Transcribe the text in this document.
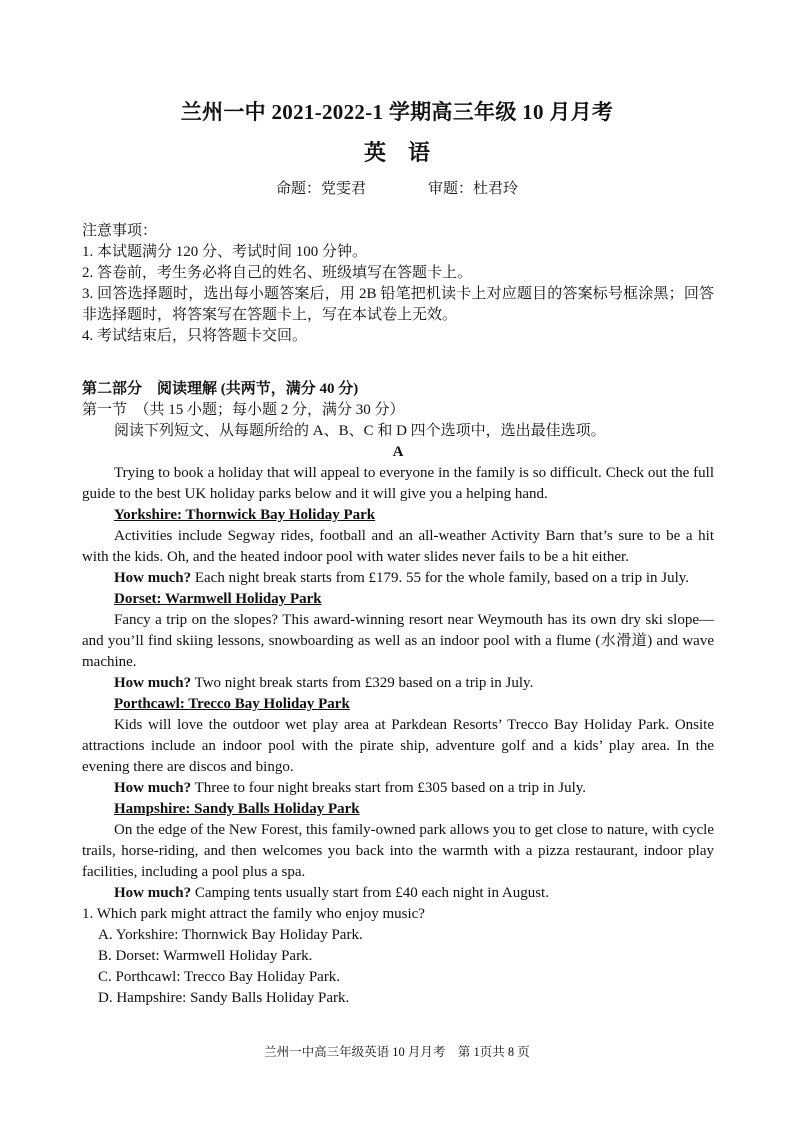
兰州一中 2021-2022-1 学期高三年级 10 月月考
英　语
命题：党雯君	审题：杜君玲
注意事项：
1. 本试题满分 120 分、考试时间 100 分钟。
2. 答卷前，考生务必将自己的姓名、班级填写在答题卡上。
3. 回答选择题时，选出每小题答案后，用 2B 铅笔把机读卡上对应题目的答案标号框涂黑；回答非选择题时，将答案写在答题卡上，写在本试卷上无效。
4. 考试结束后，只将答题卡交回。
第二部分　阅读理解 (共两节，满分 40 分)
第一节　（共 15 小题；每小题 2 分，满分 30 分）
阅读下列短文、从每题所给的 A、B、C 和 D 四个选项中，选出最佳选项。
A
Trying to book a holiday that will appeal to everyone in the family is so difficult. Check out the full guide to the best UK holiday parks below and it will give you a helping hand.
Yorkshire: Thornwick Bay Holiday Park
Activities include Segway rides, football and an all-weather Activity Barn that’s sure to be a hit with the kids. Oh, and the heated indoor pool with water slides never fails to be a hit either.
How much? Each night break starts from £179. 55 for the whole family, based on a trip in July.
Dorset: Warmwell Holiday Park
Fancy a trip on the slopes? This award-winning resort near Weymouth has its own dry ski slope—and you’ll find skiing lessons, snowboarding as well as an indoor pool with a flume (水滑道) and wave machine.
How much? Two night break starts from £329 based on a trip in July.
Porthcawl: Trecco Bay Holiday Park
Kids will love the outdoor wet play area at Parkdean Resorts’ Trecco Bay Holiday Park. Onsite attractions include an indoor pool with the pirate ship, adventure golf and a kids’ play area. In the evening there are discos and bingo.
How much? Three to four night breaks start from £305 based on a trip in July.
Hampshire: Sandy Balls Holiday Park
On the edge of the New Forest, this family-owned park allows you to get close to nature, with cycle trails, horse-riding, and then welcomes you back into the warmth with a pizza restaurant, indoor play facilities, including a pool plus a spa.
How much? Camping tents usually start from £40 each night in August.
1. Which park might attract the family who enjoy music?
A. Yorkshire: Thornwick Bay Holiday Park.
B. Dorset: Warmwell Holiday Park.
C. Porthcawl: Trecco Bay Holiday Park.
D. Hampshire: Sandy Balls Holiday Park.
兰州一中高三年级英语 10 月月考　第 1页共 8 页
